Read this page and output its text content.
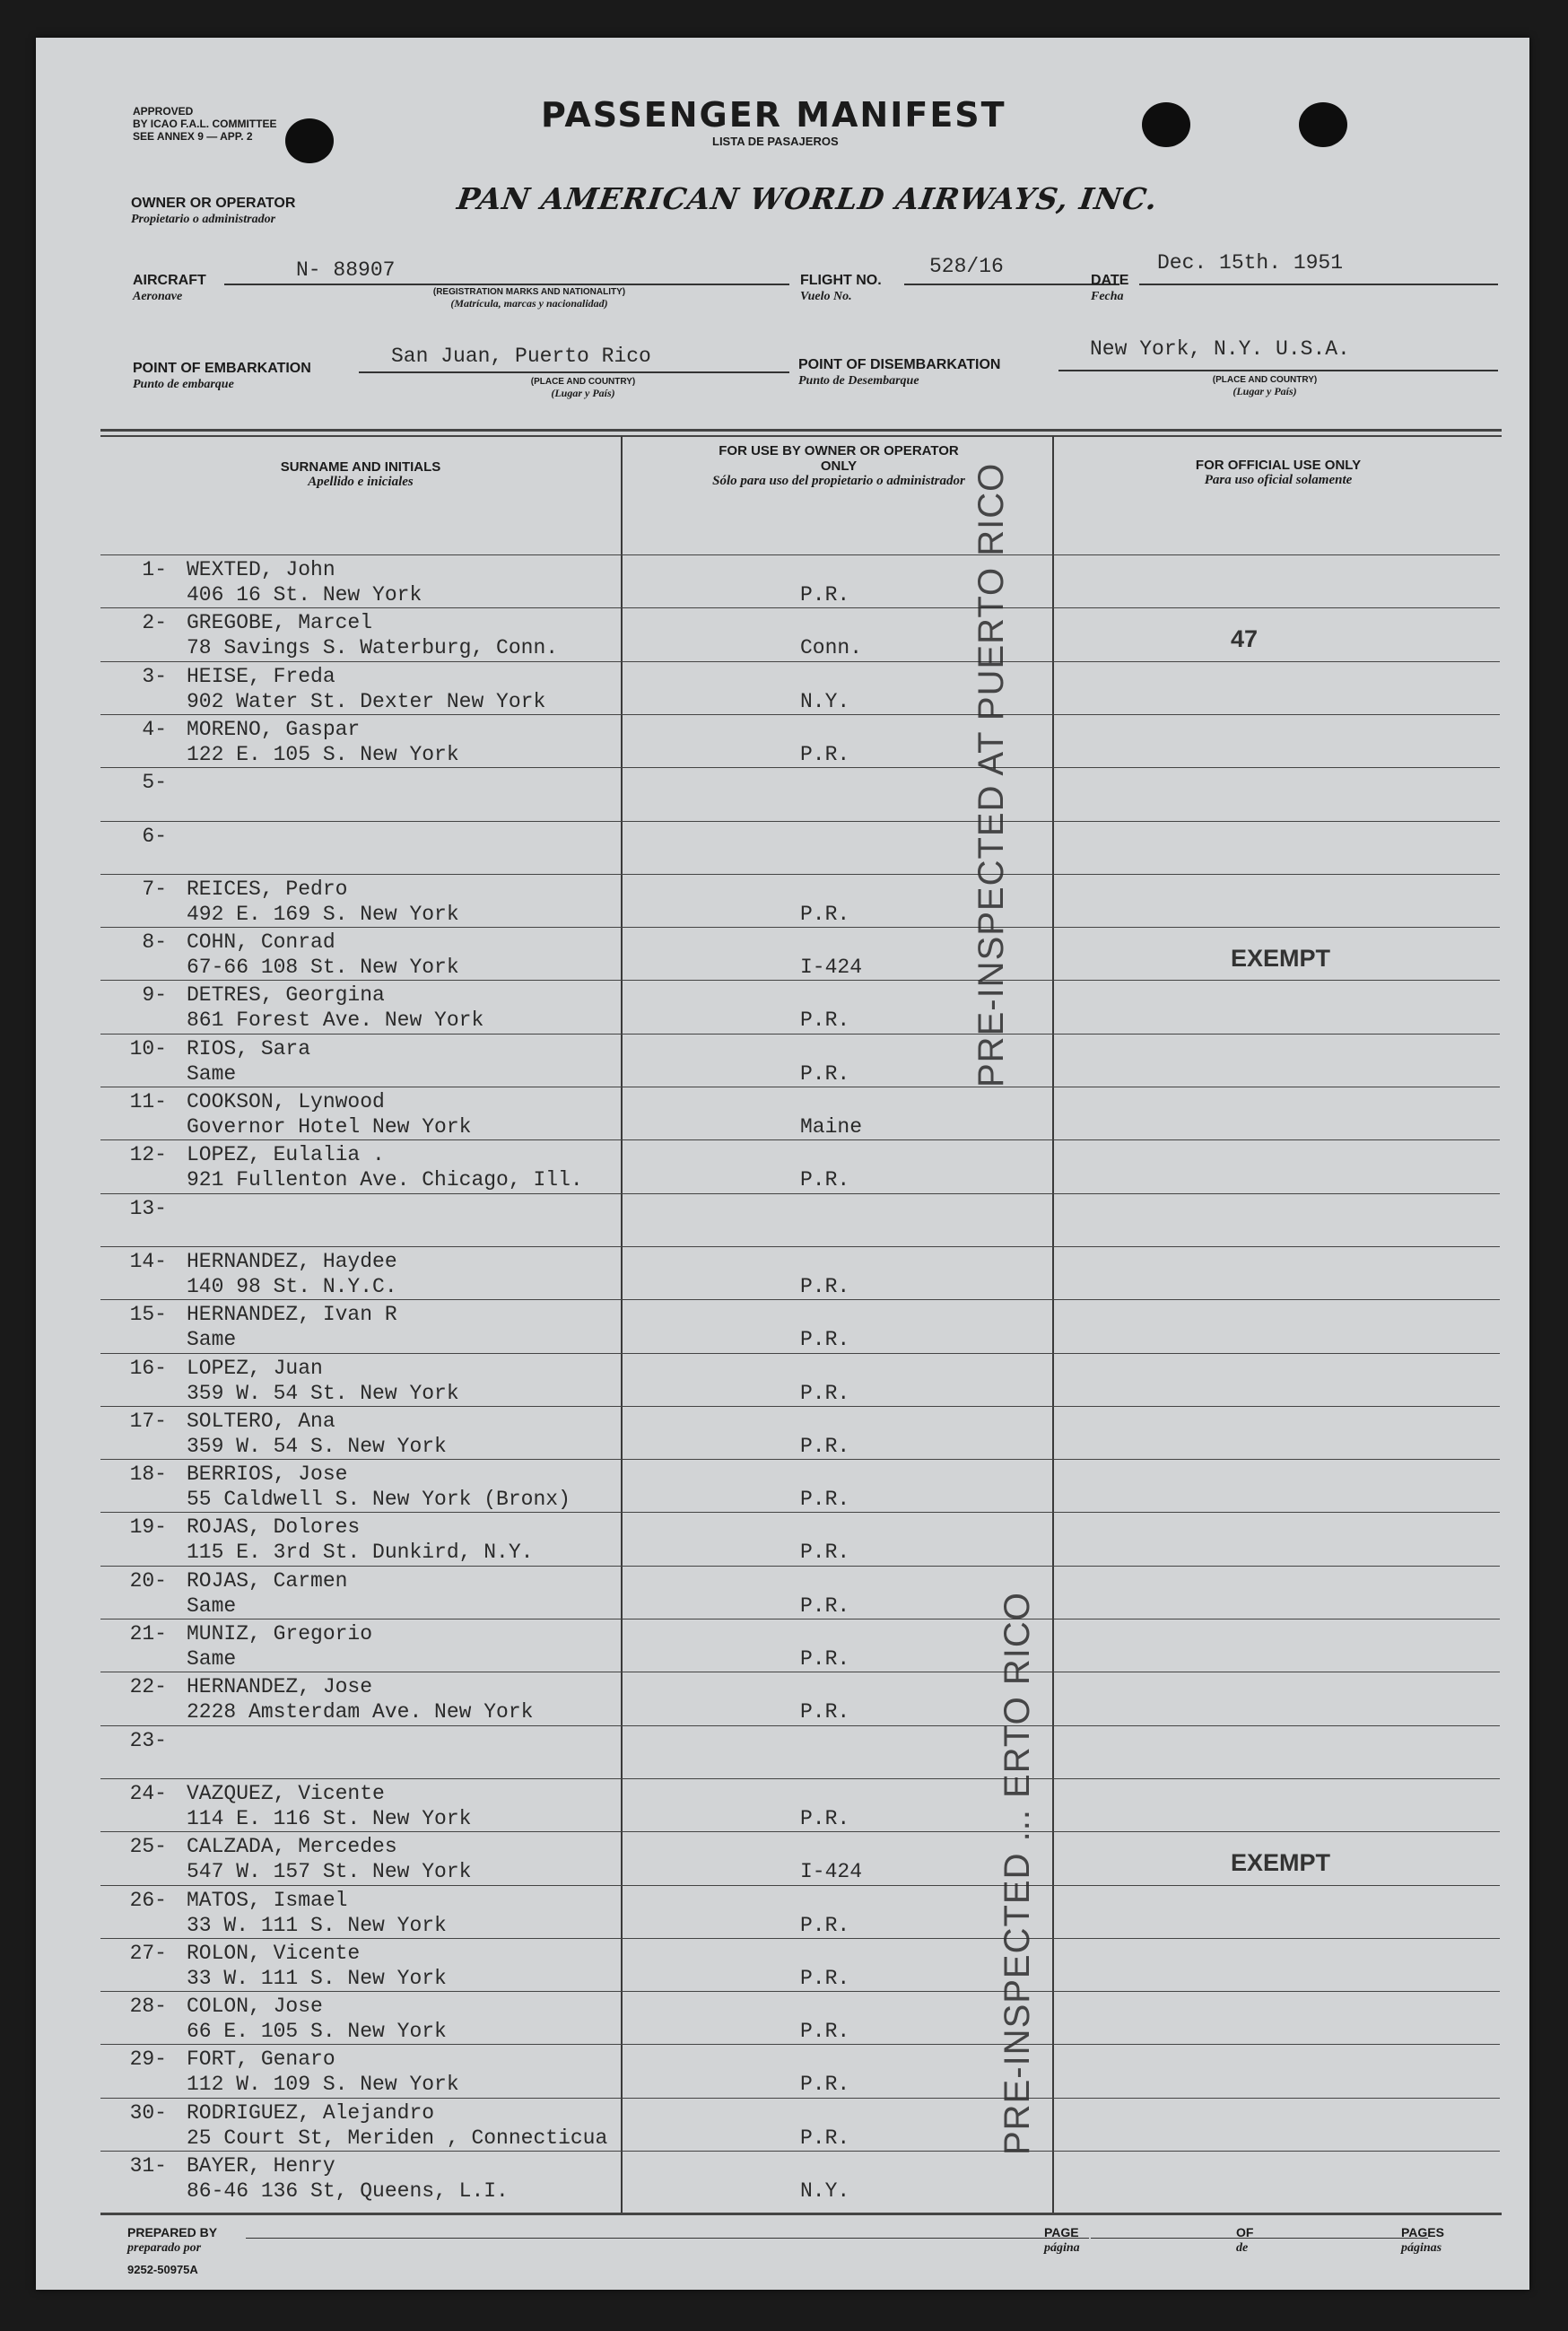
APPROVED
BY ICAO F.A.L. COMMITTEE
SEE ANNEX 9 — APP. 2
PASSENGER MANIFEST
LISTA DE PASAJEROS
OWNER OR OPERATOR
Propietario o administrador
PAN AMERICAN WORLD AIRWAYS, INC.
AIRCRAFT
Aeronave
N- 88907
(REGISTRATION MARKS AND NATIONALITY)
(Matrícula, marcas y nacionalidad)
FLIGHT NO.
Vuelo No.
528/16
DATE
Fecha
Dec. 15th. 1951
POINT OF EMBARKATION
Punto de embarque
San Juan, Puerto Rico
(PLACE AND COUNTRY)
(Lugar y País)
POINT OF DISEMBARKATION
Punto de Desembarque
New York, N.Y. U.S.A.
(PLACE AND COUNTRY)
(Lugar y País)
SURNAME AND INITIALS
Apellido e iniciales
FOR USE BY OWNER OR OPERATOR ONLY
Sólo para uso del propietario o administrador
FOR OFFICIAL USE ONLY
Para uso oficial solamente
1- WEXTED, John
406 16 St. New York	P.R.
2- GREGOBE, Marcel
78 Savings S. Waterburg, Conn.	Conn.	47
3- HEISE, Freda
902 Water St. Dexter New York	N.Y.
4- MORENO, Gaspar
122 E. 105 S. New York	P.R.
5-
6-
7- REICES, Pedro
492 E. 169 S. New York	P.R.
8- COHN, Conrad
67-66 108 St. New York	I-424	EXEMPT
9- DETRES, Georgina
861 Forest Ave. New York	P.R.
10- RIOS, Sara
Same	P.R.
11- COOKSON, Lynwood
Governor Hotel New York	Maine
12- LOPEZ, Eulalia .
921 Fullenton Ave. Chicago, Ill.	P.R.
13-
14- HERNANDEZ, Haydee
140 98 St. N.Y.C.	P.R.
15- HERNANDEZ, Ivan R
Same	P.R.
16- LOPEZ, Juan
359 W. 54 St. New York	P.R.
17- SOLTERO, Ana
359 W. 54 S. New York	P.R.
18- BERRIOS, Jose
55 Caldwell S. New York (Bronx)	P.R.
19- ROJAS, Dolores
115 E. 3rd St. Dunkird, N.Y.	P.R.
20- ROJAS, Carmen
Same	P.R.
21- MUNIZ, Gregorio
Same	P.R.
22- HERNANDEZ, Jose
2228 Amsterdam Ave. New York	P.R.
23-
24- VAZQUEZ, Vicente
114 E. 116 St. New York	P.R.
25- CALZADA, Mercedes
547 W. 157 St. New York	I-424	EXEMPT
26- MATOS, Ismael
33 W. 111 S. New York	P.R.
27- ROLON, Vicente
33 W. 111 S. New York	P.R.
28- COLON, Jose
66 E. 105 S. New York	P.R.
29- FORT, Genaro
112 W. 109 S. New York	P.R.
30- RODRIGUEZ, Alejandro
25 Court St, Meriden , Connecticua	P.R.
31- BAYER, Henry
86-46 136 St, Queens, L.I.	N.Y.
PRE-INSPECTED AT PUERTO RICO
PRE-INSPECTED ... ERTO RICO
PREPARED BY
preparado por
PAGE
página
OF
de
PAGES
páginas
9252-50975A
